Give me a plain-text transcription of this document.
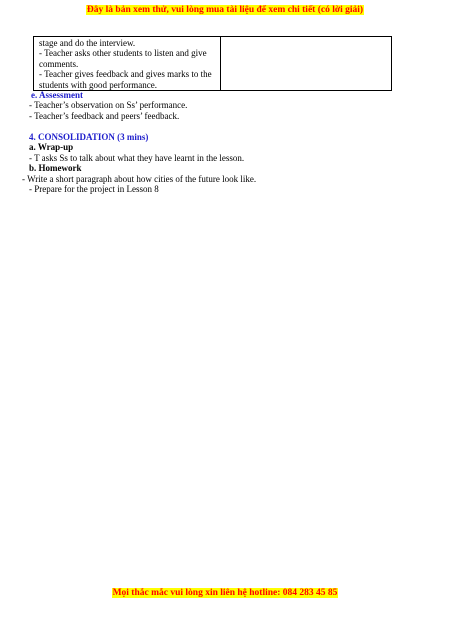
Đây là bản xem thử, vui lòng mua tài liệu để xem chi tiết (có lời giải)
stage and do the interview.
- Teacher asks other students to listen and give
comments.
- Teacher gives feedback and gives marks to the
students with good performance.

e. Assessment
- Teacher’s observation on Ss’ performance.
- Teacher’s feedback and peers’ feedback.
4. CONSOLIDATION (3 mins)
a. Wrap-up
- T asks Ss to talk about what they have learnt in the lesson.
b. Homework
- Write a short paragraph about how cities of the future look like.
- Prepare for the project in Lesson 8
Mọi thắc mắc vui lòng xin liên hệ hotline: 084 283 45 85
